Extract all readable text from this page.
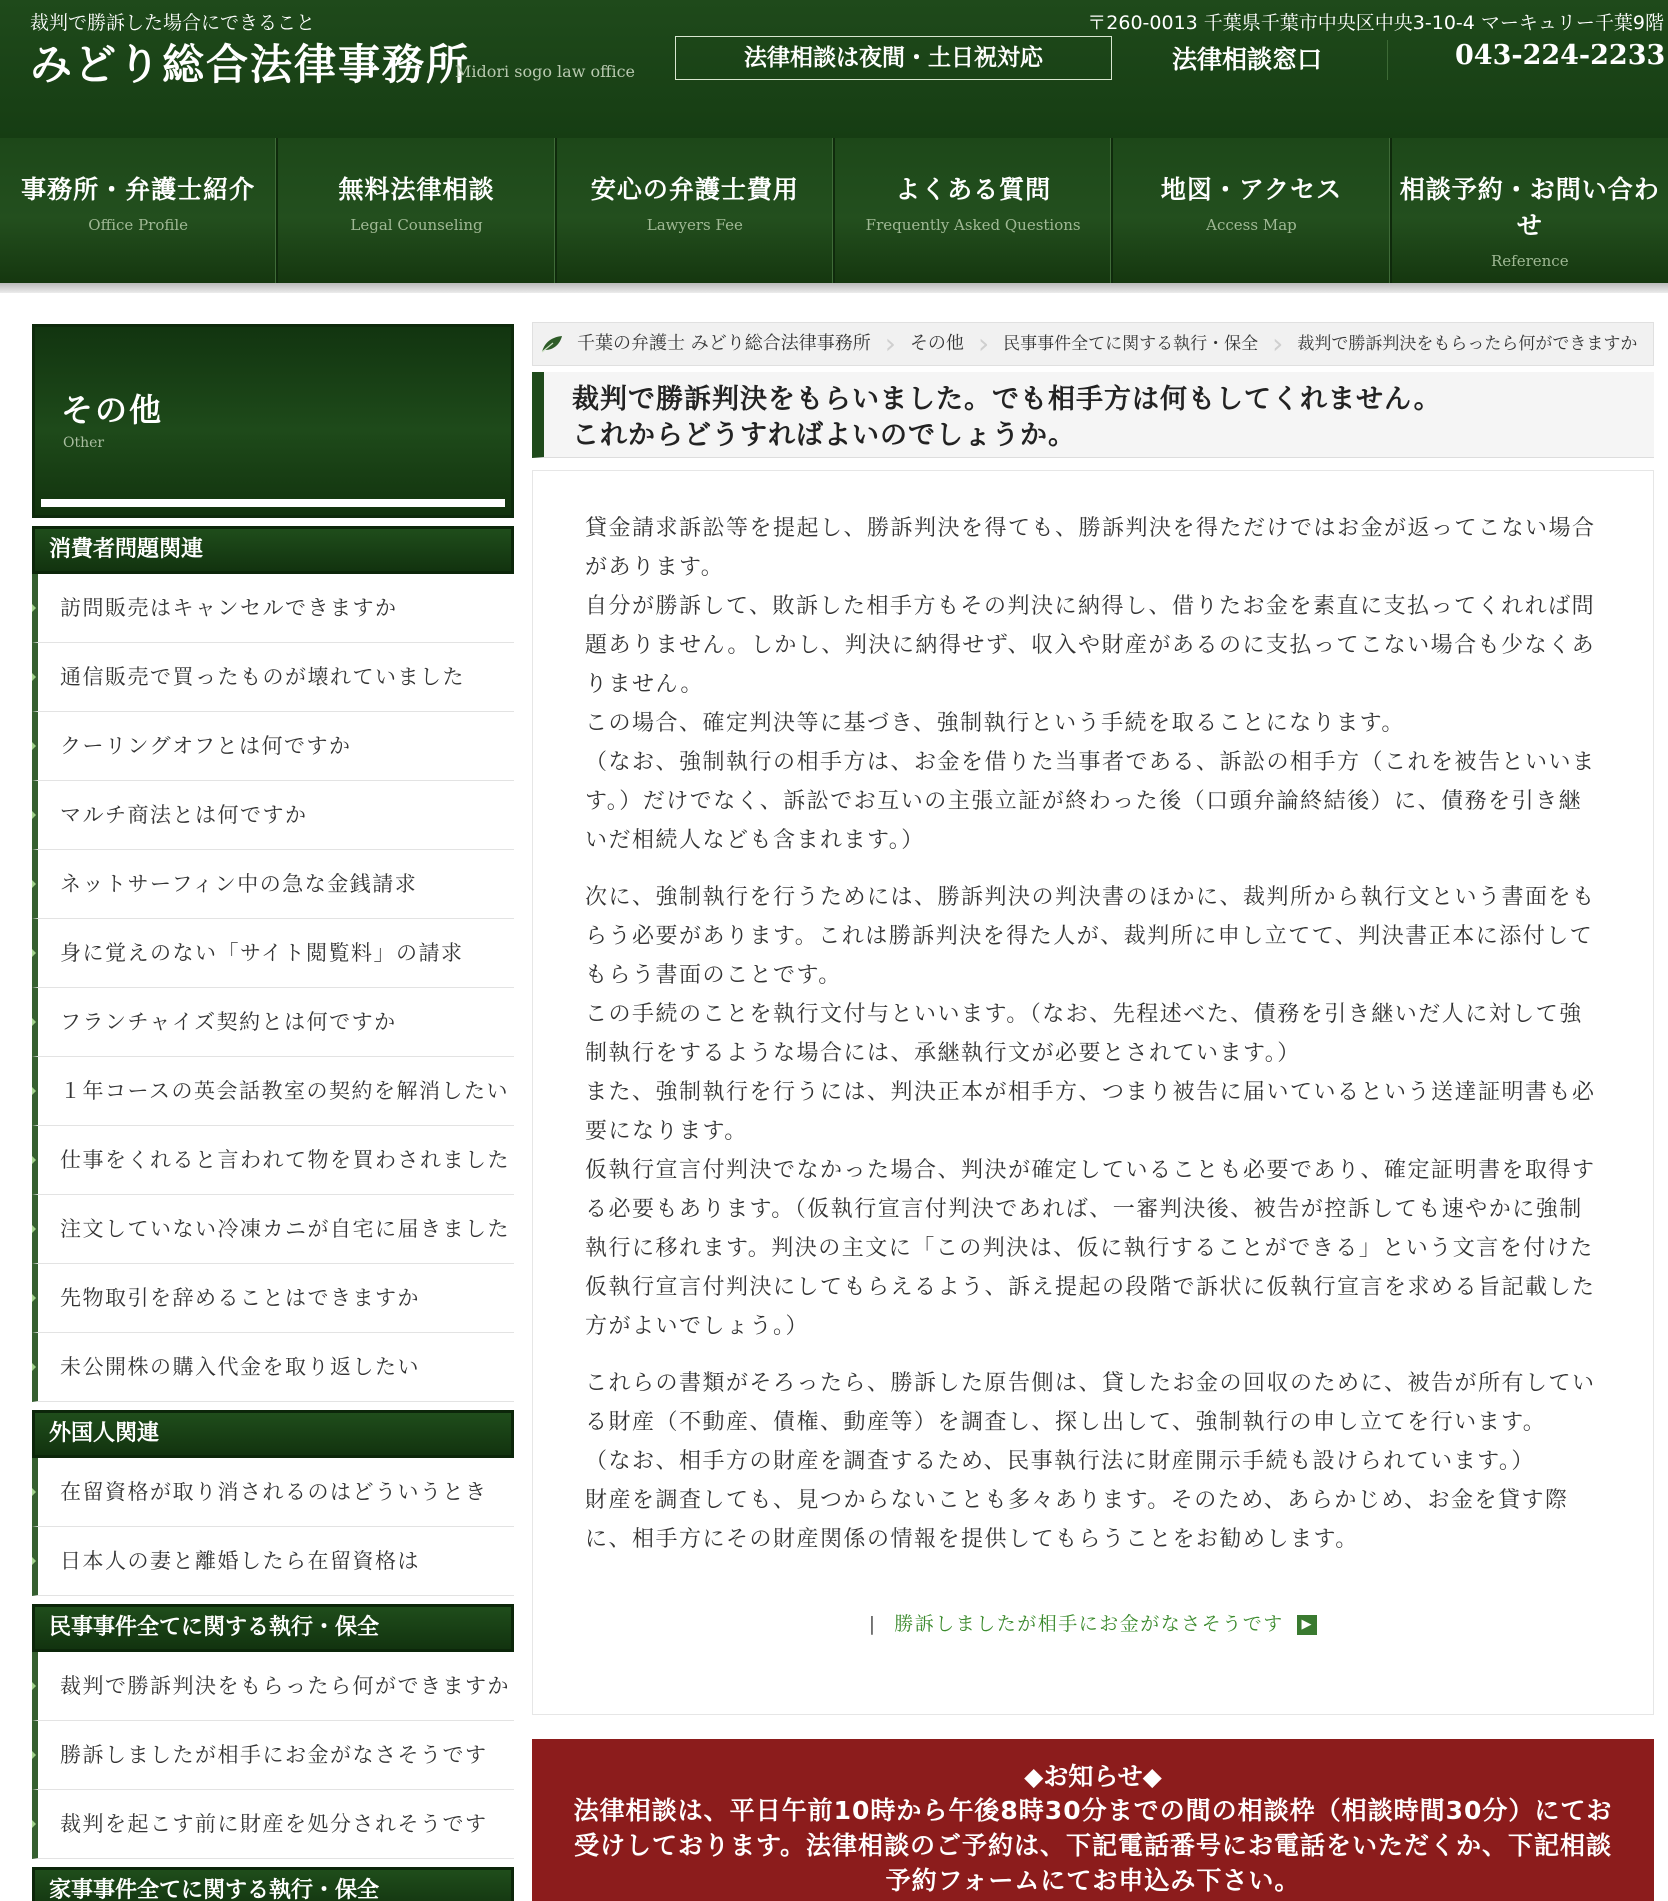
裁判で勝訴した場合にできること
みどり総合法律事務所
Midori sogo law office
〒260-0013 千葉県千葉市中央区中央3-10-4 マーキュリー千葉9階
法律相談は夜間・土日祝対応	法律相談窓口	043-224-2233
事務所・弁護士紹介
Office Profile
無料法律相談
Legal Counseling
安心の弁護士費用
Lawyers Fee
よくある質問
Frequently Asked Questions
地図・アクセス
Access Map
相談予約・お問い合わせ
Reference
その他
Other
消費者問題関連
訪問販売はキャンセルできますか
通信販売で買ったものが壊れていました
クーリングオフとは何ですか
マルチ商法とは何ですか
ネットサーフィン中の急な金銭請求
身に覚えのない「サイト閲覧料」の請求
フランチャイズ契約とは何ですか
１年コースの英会話教室の契約を解消したい
仕事をくれると言われて物を買わされました
注文していない冷凍カニが自宅に届きました
先物取引を辞めることはできますか
未公開株の購入代金を取り返したい
外国人関連
在留資格が取り消されるのはどういうとき
日本人の妻と離婚したら在留資格は
民事事件全てに関する執行・保全
裁判で勝訴判決をもらったら何ができますか
勝訴しましたが相手にお金がなさそうです
裁判を起こす前に財産を処分されそうです
家事事件全てに関する執行・保全
千葉の弁護士 みどり総合法律事務所 › その他 › 民事事件全てに関する執行・保全 › 裁判で勝訴判決をもらったら何ができますか
裁判で勝訴判決をもらいました。でも相手方は何もしてくれません。
これからどうすればよいのでしょうか。

貸金請求訴訟等を提起し、勝訴判決を得ても、勝訴判決を得ただけではお金が返ってこない場合があります。
自分が勝訴して、敗訴した相手方もその判決に納得し、借りたお金を素直に支払ってくれれば問題ありません。しかし、判決に納得せず、収入や財産があるのに支払ってこない場合も少なくありません。
この場合、確定判決等に基づき、強制執行という手続を取ることになります。
（なお、強制執行の相手方は、お金を借りた当事者である、訴訟の相手方（これを被告といいます。）だけでなく、訴訟でお互いの主張立証が終わった後（口頭弁論終結後）に、債務を引き継いだ相続人なども含まれます。）

次に、強制執行を行うためには、勝訴判決の判決書のほかに、裁判所から執行文という書面をもらう必要があります。これは勝訴判決を得た人が、裁判所に申し立てて、判決書正本に添付してもらう書面のことです。
この手続のことを執行文付与といいます。（なお、先程述べた、債務を引き継いだ人に対して強制執行をするような場合には、承継執行文が必要とされています。）
また、強制執行を行うには、判決正本が相手方、つまり被告に届いているという送達証明書も必要になります。
仮執行宣言付判決でなかった場合、判決が確定していることも必要であり、確定証明書を取得する必要もあります。（仮執行宣言付判決であれば、一審判決後、被告が控訴しても速やかに強制執行に移れます。判決の主文に「この判決は、仮に執行することができる」という文言を付けた仮執行宣言付判決にしてもらえるよう、訴え提起の段階で訴状に仮執行宣言を求める旨記載した方がよいでしょう。）

これらの書類がそろったら、勝訴した原告側は、貸したお金の回収のために、被告が所有している財産（不動産、債権、動産等）を調査し、探し出して、強制執行の申し立てを行います。
（なお、相手方の財産を調査するため、民事執行法に財産開示手続も設けられています。）
財産を調査しても、見つからないことも多々あります。そのため、あらかじめ、お金を貸す際に、相手方にその財産関係の情報を提供してもらうことをお勧めします。

| 勝訴しましたが相手にお金がなさそうです ▶
◆お知らせ◆
法律相談は、平日午前10時から午後8時30分までの間の相談枠（相談時間30分）にてお受けしております。法律相談のご予約は、下記電話番号にお電話をいただくか、下記相談予約フォームにてお申込み下さい。
